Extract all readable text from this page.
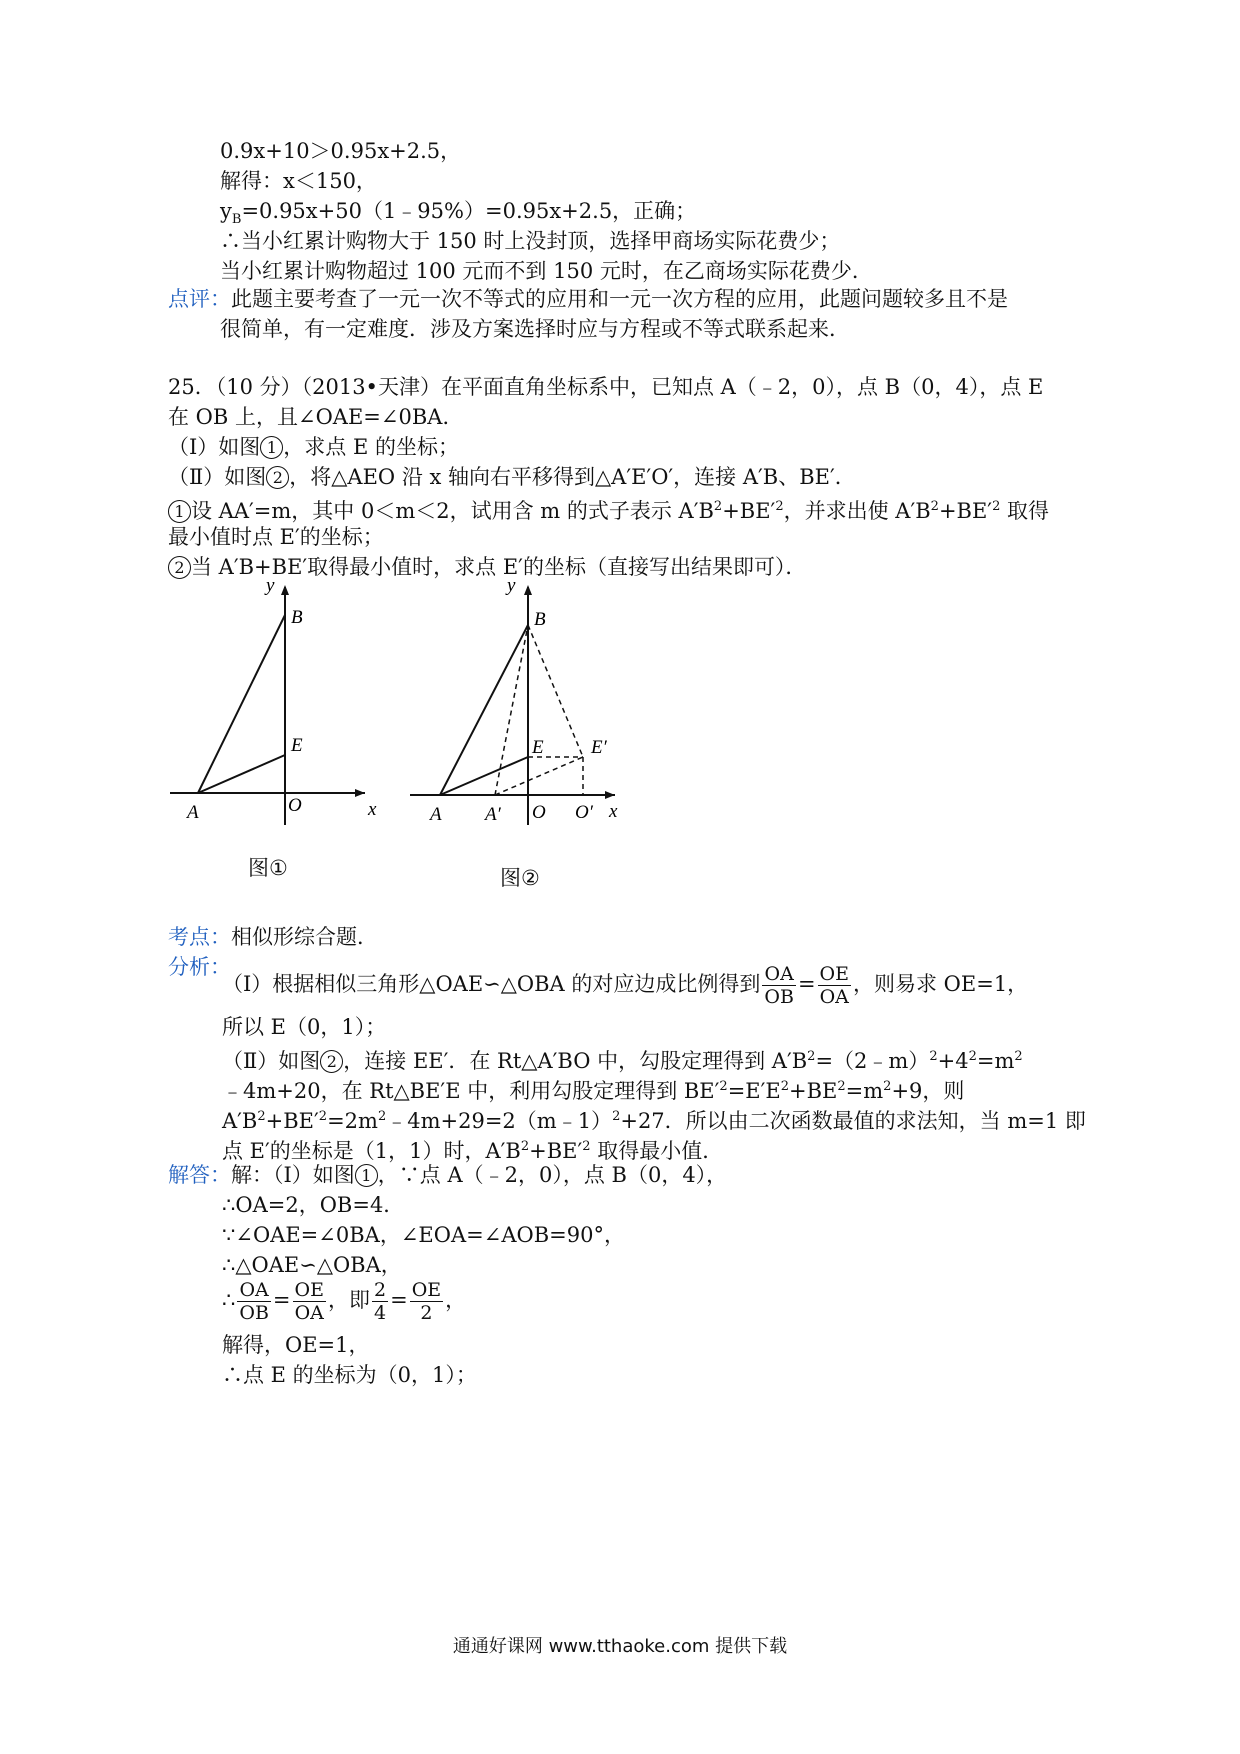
0.9x+10＞0.95x+2.5，
解得：x＜150，
$y_B=0.95x+50(1﹣95\%)=0.95x+2.5$，正确；
∴当小红累计购物大于 150 时上没封顶，选择甲商场实际花费少；
当小红累计购物超过 100 元而不到 150 元时，在乙商场实际花费少．
点评：此题主要考查了一元一次不等式的应用和一元一次方程的应用，此题问题较多且不是
很简单，有一定难度．涉及方案选择时应与方程或不等式联系起来．
25．（10 分）（2013•天津）在平面直角坐标系中，已知点 A（﹣2，0），点 B（0，4），点 E
在 OB 上，且∠OAE=∠0BA．
（Ⅰ）如图 1 ，求点 E 的坐标；
（Ⅱ）如图 2 ，将△AEO 沿 x 轴向右平移得到△A′E′O′，连接 A′B、BE′．
1 设 AA′=m，其中 0＜m＜2，试用含 m 的式子表示 $A'B^2+BE'^2$，并求出使 $A'B^2+BE'^2$ 取得
最小值时点 E′的坐标；
2 当 A′B+BE′取得最小值时，求点 E′的坐标（直接写出结果即可）．
y
B
E
A	O	x
图①
y
B
E E′
A A′ O O′ x
图②
考点：相似形综合题．
分析：
（Ⅰ）根据相似三角形△OAE∽△OBA 的对应边成比例得到 $\frac{OA}{OB} = \frac{OE}{OA}$ ，则易求 OE=1，
所以 E（0，1）；
（Ⅱ）如图 2 ，连接 EE′．在 Rt△A′BO 中，勾股定理得到 $A'B^2=(2﹣m)^2+4^2=m^2$
﹣4m+20，在 Rt△BE′E 中，利用勾股定理得到 $BE'^2=E'E^2+BE^2=m^2+9$，则
$A'B^2+BE'^2=2m^2﹣4m+29=2(m﹣1)^2+27$．所以由二次函数最值的求法知，当 m=1 即
点 E′的坐标是（1，1）时，$A'B^2+BE'^2$ 取得最小值．
解答：解：（Ⅰ）如图 1 ，∵点 A（﹣2，0），点 B（0，4），
∴OA=2，OB=4．
∵∠OAE=∠0BA，∠EOA=∠AOB=90°，
∴△OAE∽△OBA，
∴ $\frac{OA}{OB} = \frac{OE}{OA}$ ，即 $\frac{2}{4} = \frac{OE}{2}$ ，
解得，OE=1，
∴点 E 的坐标为（0，1）；
通通好课网 www.tthaoke.com 提供下载
